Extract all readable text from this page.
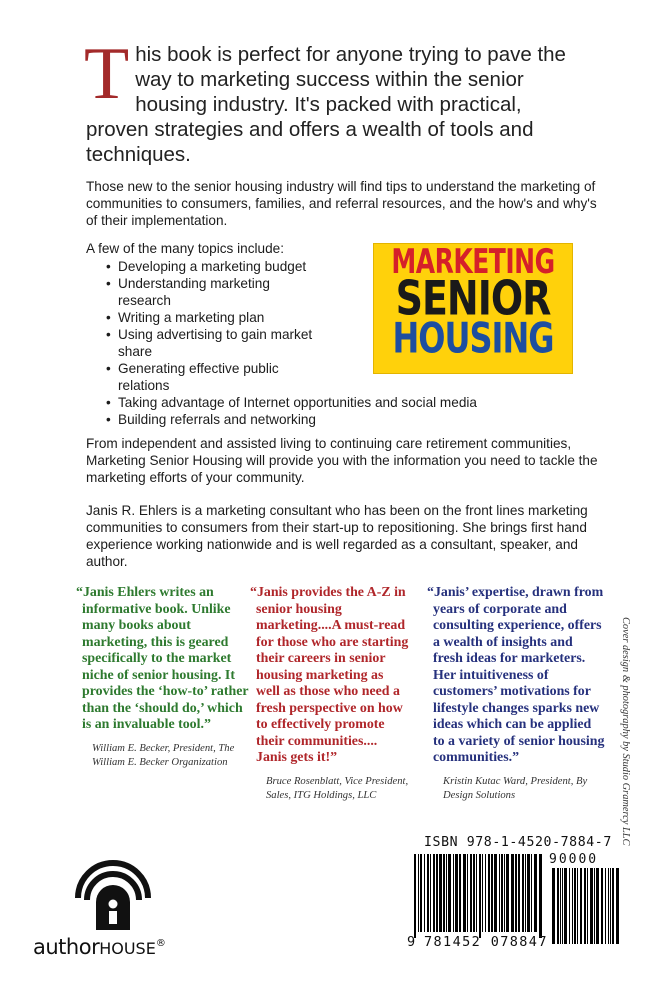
T his book is perfect for anyone trying to pave the way to marketing success within the senior housing industry. It's packed with practical, proven strategies and offers a wealth of tools and techniques.
Those new to the senior housing industry will find tips to understand the marketing of communities to consumers, families, and referral resources, and the how's and why's of their implementation.
A few of the many topics include:
• Developing a marketing budget
• Understanding marketing research
• Writing a marketing plan
• Using advertising to gain market share
• Generating effective public relations
• Taking advantage of Internet opportunities and social media
• Building referrals and networking
MARKETING
SENIOR
HOUSING
From independent and assisted living to continuing care retirement communities, Marketing Senior Housing will provide you with the information you need to tackle the marketing efforts of your community.
Janis R. Ehlers is a marketing consultant who has been on the front lines marketing communities to consumers from their start-up to repositioning. She brings first hand experience working nationwide and is well regarded as a consultant, speaker, and author.
“Janis Ehlers writes an informative book. Unlike many books about marketing, this is geared specifically to the market niche of senior housing. It provides the ‘how-to’ rather than the ‘should do,’ which is an invaluable tool.”
William E. Becker, President, The William E. Becker Organization
“Janis provides the A-Z in senior housing marketing....A must-read for those who are starting their careers in senior housing marketing as well as those who need a fresh perspective on how to effectively promote their communities.... Janis gets it!”
Bruce Rosenblatt, Vice President, Sales, ITG Holdings, LLC
“Janis’ expertise, drawn from years of corporate and consulting experience, offers a wealth of insights and fresh ideas for marketers. Her intuitiveness of customers’ motivations for lifestyle changes sparks new ideas which can be applied to a variety of senior housing communities.”
Kristin Kutac Ward, President, By Design Solutions	Cover design & photography by Studio Gramercy LLC
authorHOUSE®
ISBN 978-1-4520-7884-7
90000
9 781452 078847
